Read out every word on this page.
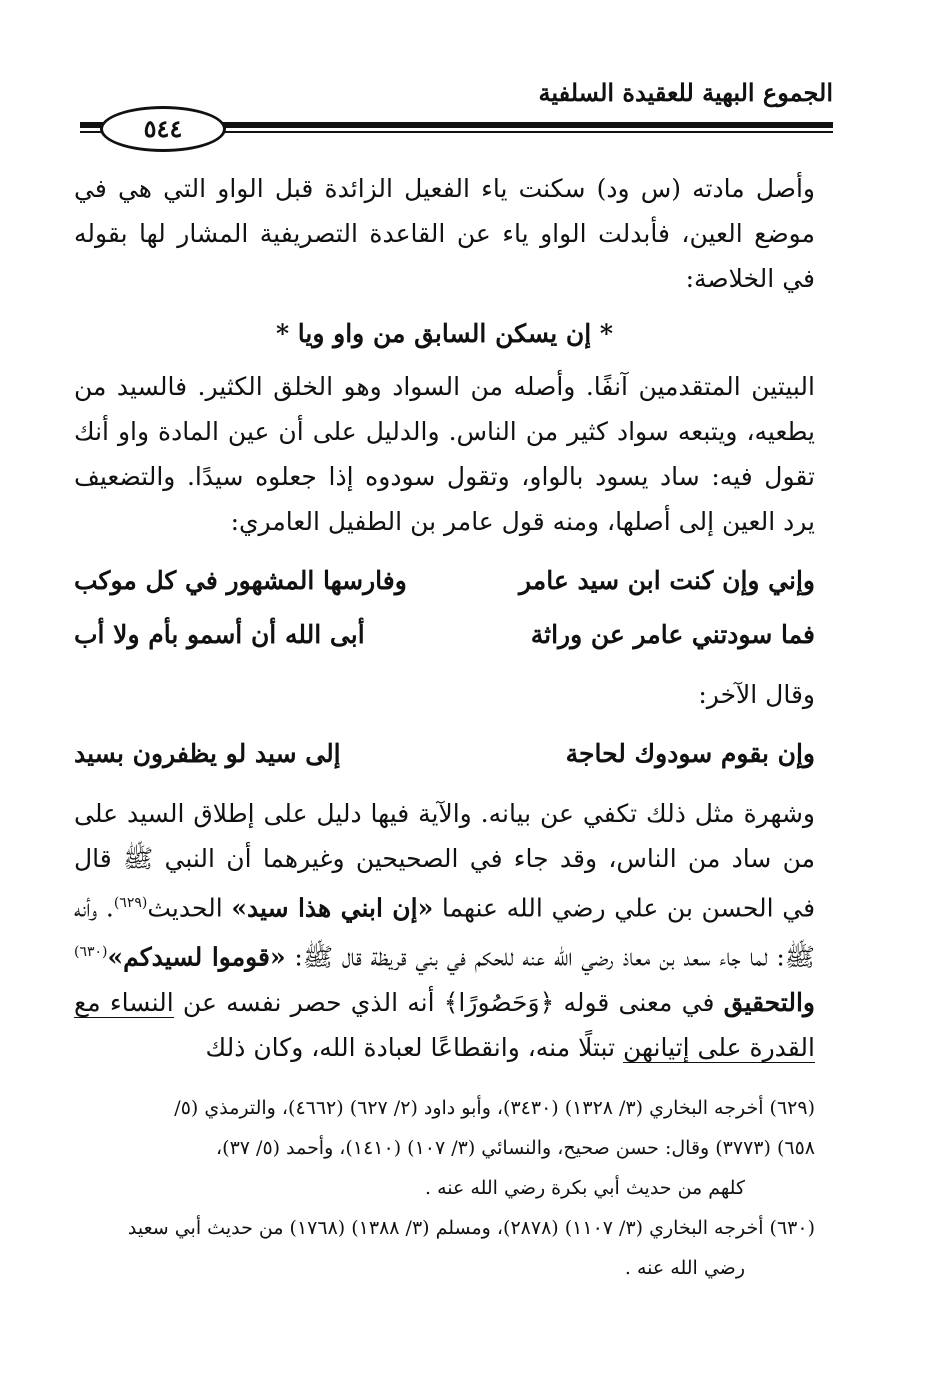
الجموع البهية للعقيدة السلفية
٥٤٤

وأصل مادته (س ود) سكنت ياء الفعيل الزائدة قبل الواو التي هي في موضع العين، فأبدلت الواو ياء عن القاعدة التصريفية المشار لها بقوله في الخلاصة:

* إن يسكن السابق من واو ويا *

البيتين المتقدمين آنفًا. وأصله من السواد وهو الخلق الكثير. فالسيد من يطعيه، ويتبعه سواد كثير من الناس. والدليل على أن عين المادة واو أنك تقول فيه: ساد يسود بالواو، وتقول سودوه إذا جعلوه سيدًا. والتضعيف يرد العين إلى أصلها، ومنه قول عامر بن الطفيل العامري:

وإني وإن كنت ابن سيد عامر
وفارسها المشهور في كل موكب
فما سودتني عامر عن وراثة
أبى الله أن أسمو بأم ولا أب

وقال الآخر:

وإن بقوم سودوك لحاجة
إلى سيد لو يظفرون بسيد

وشهرة مثل ذلك تكفي عن بيانه. والآية فيها دليل على إطلاق السيد على من ساد من الناس، وقد جاء في الصحيحين وغيرهما أن النبي ﷺ قال في الحسن بن علي رضي الله عنهما «إن ابني هذا سيد» الحديث$^{(٦٢٩)}$. وأنه ﷺ: لما جاء سعد بن معاذ رضي الله عنه للحكم في بني قريظة قال ﷺ: «قوموا لسيدكم»$^{(٦٣٠)}$ والتحقيق في معنى قوله ﴿وَحَصُورًا﴾ أنه الذي حصر نفسه عن النساء مع القدرة على إتيانهن تبتلًا منه، وانقطاعًا لعبادة الله، وكان ذلك

(٦٢٩) أخرجه البخاري (٣/ ١٣٢٨) (٣٤٣٠)، وأبو داود (٢/ ٦٢٧) (٤٦٦٢)، والترمذي (٥/

٦٥٨) (٣٧٧٣) وقال: حسن صحيح، والنسائي (٣/ ١٠٧) (١٤١٠)، وأحمد (٥/ ٣٧)،

كلهم من حديث أبي بكرة رضي الله عنه .

(٦٣٠) أخرجه البخاري (٣/ ١١٠٧) (٢٨٧٨)، ومسلم (٣/ ١٣٨٨) (١٧٦٨) من حديث أبي سعيد

رضي الله عنه .
